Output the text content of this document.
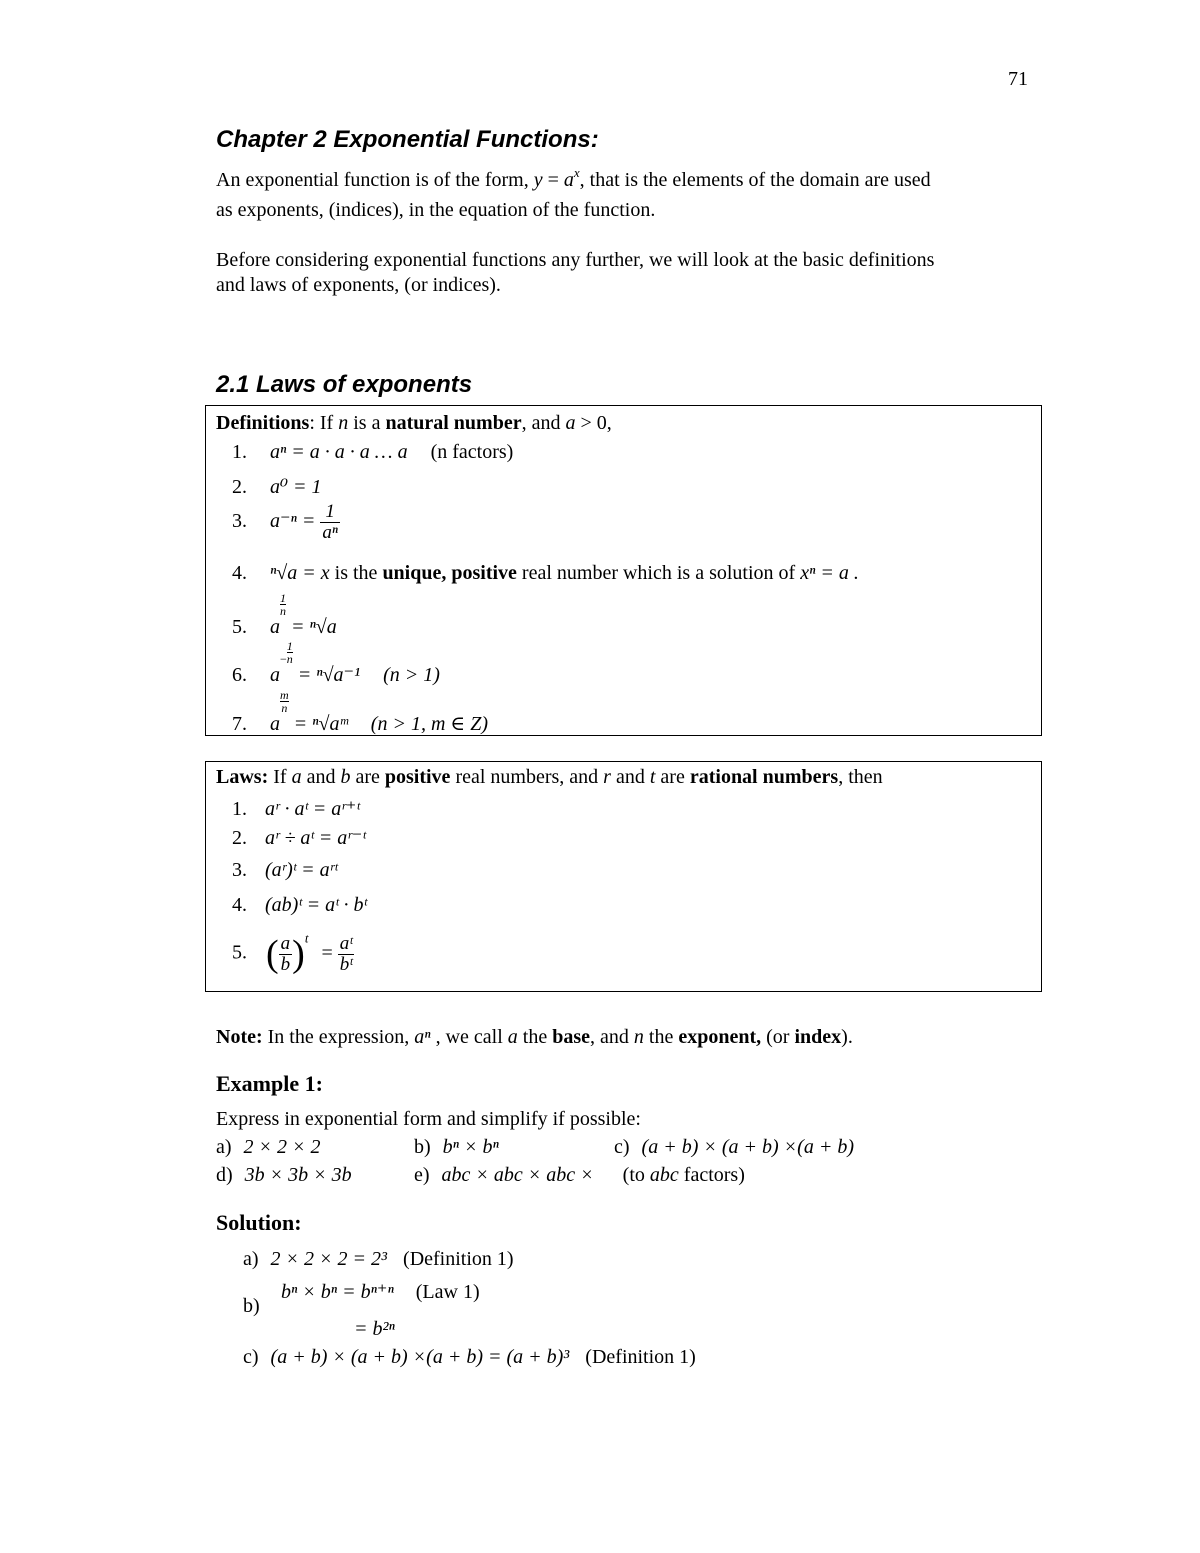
71
Chapter 2 Exponential Functions:
An exponential function is of the form, $y = a^x$, that is the elements of the domain are used
as exponents, (indices), in the equation of the function.
Before considering exponential functions any further, we will look at the basic definitions
and laws of exponents, (or indices).
2.1 Laws of exponents
Definitions: If n is a natural number, and a > 0,
1. aⁿ = a · a · a … a (n factors)
2. a⁰ = 1
3. $a^{-n} = \frac{1}{\text{aⁿ}}$
4. ⁿ√a = x is the unique, positive real number which is a solution of xⁿ = a .
5. a
$\frac{1}{n}$
= ⁿ√a
6. $a^- \frac{1}{n}$
= ⁿ√a⁻¹ (n > 1)
7. a
$\frac{m}{n}$
= ⁿ√aᵐ (n > 1, m ∈ Z)
Laws: If a and b are positive real numbers, and r and t are rational numbers, then
1. aʳ · aᵗ = aʳ⁺ᵗ
2. aʳ ÷ aᵗ = aʳ⁻ᵗ
3. (aʳ)ᵗ = aʳᵗ
4. (ab)ᵗ = aᵗ · bᵗ
5. ( $\frac{a}{b} )^t = \frac{\text{aᵗ}}{\text{bᵗ}}$
Note: In the expression, aⁿ , we call a the base, and n the exponent, (or index).
Example 1:
Express in exponential form and simplify if possible:
a) 2 × 2 × 2	b) bⁿ × bⁿ	c) (a + b) × (a + b) ×(a + b)
d) 3b × 3b × 3b	e) abc × abc × abc × (to abc factors)
Solution:
a) 2 × 2 × 2 = 2³ (Definition 1)
b)
bⁿ × bⁿ = bⁿ⁺ⁿ (Law 1)
= b²ⁿ
c) (a + b) × (a + b) ×(a + b) = (a + b)³ (Definition 1)
